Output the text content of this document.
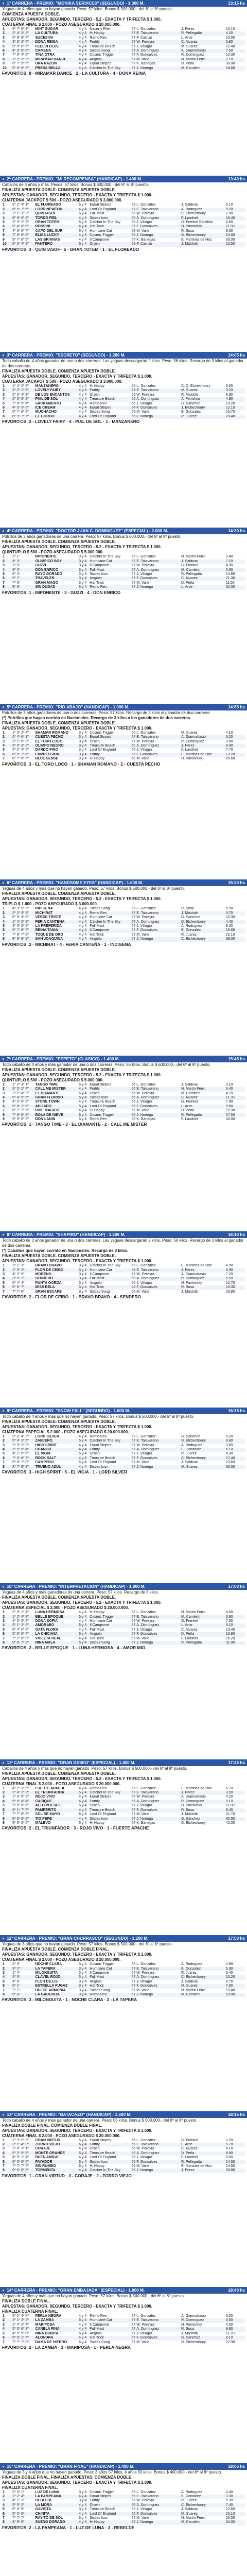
● 1ª CARRERA - PREMIO: "MONIKA SERVICES" (SEGUNDO) - 1.300 M.	13:15 hs

Yeguas de 4 años que no hayan ganado. Peso: 57 kilos. Bonus $ 500.000.- del 6º al 8º puesto.

COMIENZA APUESTA DOBLE.

APUESTAS: GANADOR, SEGUNDO, TERCERO - 5.2 - EXACTA Y TRIFECTA $ 1.000.

CUATERNA FINAL $ 2.000 - POZO ASEGURADO $ 20.000.000.

1	5º 7º 6º 3º	MINT SUGAR	4 y 4	Nacer y Rhe	57	L. Gonzalez	J. Perez	10.10
2	2º 4º 3º 2º	LA CULTURA	4 y 4	Hi Happy	57	E. Talaverano	R. Pellegatta	4.20
3	6º 9º 8º 7º	SUCESIVA	4 y 4	Remo Rex	57	P. Carrizo	L. Arce	15.00
4	3º 5º 2º 4º	DONA REINA	4 y 4	Fortify	57	W. Pereyra	C. Alvarez	6.80
5	9º 8º 0º 5º	FEELIN BLUE	4 y 4	Treasure Beach	57	J. Villagra	M. Suarez	22.40
6	4º 3º 5º 6º	CAMENA	4 y 4	Sixties Song	57	A. Dominguez	A. Giannattasio	7.50
7	7º 6º 4º 8º	TINA OTRA	4 y 4	Cosmic Trigger	57	F. Goncalves	R. Dominguez	12.30
8	1º 2º 3º 2º	MIRAMAR DANCE	4 y 4	Angiolo	57	M. Valle	N. Martin Ferro	2.10
9	8º 7º 9º 6º	UNA RAZON	4 y 4	Equal Stripes	57	K. Banegas	D. Peña	30.00
10	5º 6º 8º 7º	PRESA BELLA	4 y 4	Catcher In The Sky	57	J. Noriega	M. Camiletti	18.60
FAVORITOS: 8 - MIRAMAR DANCE · 2 - LA CULTURA · 4 - DONA REINA
● 2ª CARRERA - PREMIO: "MI RECOMPENSA" (HANDICAP) - 1.400 M.	13:40 hs

Caballos de 4 años y más. Pesos: 57 kilos. Bonus $ 600.000.- del 6º al 8º puesto.

FINALIZA APUESTA DOBLE. COMIENZA APUESTA DOBLE.

APUESTAS: GANADOR, SEGUNDO, TERCERO - EXACTA Y TRIFECTA $ 1.000.

CUATERNA JACKPOT $ 500 - POZO ASEGURADO $ 3.000.000.

1	3º 2º 4º 1º	EL FLOREADO	5 y 4	Equal Stripes	58	L. Gonzalez	J. Saldivia	5.10
2	6º 5º 7º 5º	LORD NEWTON	4 y 4	Lord Of England	57	E. Talaverano	A. Rodriguez	9.20
3	1º 1º 3º 2º	QUINTASOF	5 y 4	Full Mast	58	W. Pereyra	C. Etchechoury	2.80
4	8º 9º 6º 4º	TORDO FIEL	4 y 4	Sixties Icon	56	A. Dominguez	F. Landriel	16.40
5	2º 3º 2º 3º	GRAN TOTEM	6 y 4	Catcher In The Sky	59	J. Villagra	G. Frenkel Santillan	4.60
6	5º 4º 8º 6º	ROSSINI	4 y 4	Hat Trick	57	F. Goncalves	H. Pavlovsky	11.90
7	4º 6º 5º 7º	CAPO DEL SUR	5 y 4	Hurricane Cat	58	M. Valle	R. Sosa	8.30
8	7º 8º 9º 8º	ELIAS LUCKY	4 y 4	Cosmic Trigger	56	J. Noriega	D. Etchechoury	24.00
9	9º 7º 0º 9º	LAS BRIANAS	4 y 4	Il Campione	57	K. Banegas	E. Martinez de Hoz	35.00
10	6º 0º 4º 3º	PANTERO	5 y 4	Orpen	58	P. Carrizo	J. Maldotti	13.50
FAVORITOS: 3 - QUINTASOF · 5 - GRAN TOTEM · 1 - EL FLOREADO
● 3ª CARRERA - PREMIO: "SECRETO" (SEGUNDO) - 1.200 M.	14:05 hs

Todo caballo de 4 años ganador de uno o dos carreras. Las yeguas descargarán 2 kilos. Peso: 56 kilos. Recargo de 3 kilos al ganador de dos carreras.

FINALIZA APUESTA DOBLE. COMIENZA APUESTA DOBLE.

APUESTAS: GANADOR, SEGUNDO, TERCERO - EXACTA Y TRIFECTA $ 1.000.

CUATERNA JACKPOT $ 500 - POZO ASEGURADO $ 3.000.000.

1	1º 4º 2º 3º	MANZANERO	4 y 4	Hi Happy	56	L. Gonzalez	C. D. Etchechoury	6.50
2	3º 2º 1º 5º	LOVELY FAIRY	4 y 4	Fortify	54	E. Talaverano	M. Suarez	3.20
3	5º 6º 4º 1º	DE LOS ENCANTOS	4 y 4	Orpen	59	W. Pereyra	R. Maldotti	8.90
4	2º 3º 5º 2º	PIAL DE SOL	4 y 4	Treasure Beach	56	A. Dominguez	A. Ferrufino	4.80
5	7º 8º 9º 4º	SACRAMENTO	4 y 4	Remo Rex	56	J. Villagra	G. Sanchez	19.20
6	4º 5º 3º 6º	ICE CREAM	4 y 4	Equal Stripes	54	F. Goncalves	J. Etchechoury	12.10
7	6º 7º 8º 8º	MUCHACHO	4 y 4	Sixties Song	59	M. Valle	E. Gonzalez	15.70
8	8º 9º 7º 7º	EL GORDO	4 y 4	Lord Of England	56	J. Noriega	R. Juarez	28.40
FAVORITOS: 2 - LOVELY FAIRY · 4 - PIAL DE SOL · 1 - MANZANERO
● 4ª CARRERA - PREMIO: "DOCTOR JUAN C. DOMINGUEZ" (ESPECIAL) - 2.000 M.	14:30 hs

Potrillos de 3 años ganadores de una carrera. Peso: 57 kilos. Bonus $ 600.000.- del 6º al 8º puesto.

FINALIZA APUESTA DOBLE. COMIENZA APUESTA DOBLE.

APUESTAS: GANADOR, SEGUNDO, TERCERO - 5.2 - EXACTA Y TRIFECTA $ 1.000.

QUINTUPLO $ 500 - POZO ASEGURADO $ 5.000.000.

1	2º 1º	IMPONENTE	3 y 4	Catcher In The Sky	57	L. Gonzalez	N. Martin Ferro	3.40
2	4º 3º	OLIMPICO BOY	3 y 4	Hurricane Cat	57	E. Talaverano	J. Saldivia	7.10
3	1º 5º	GUZZI	3 y 4	Il Campione	57	W. Pereyra	G. Frenkel	4.90
4	3º 2º	DON ENRICO	3 y 4	Full Mast	57	A. Dominguez	M. Camiletti	5.60
5	6º 4º	RAYO DORADO	3 y 4	Sixties Icon	57	J. Villagra	R. Pellegatta	14.80
6	5º 7º	TRAVELER	3 y 4	Angiolo	57	F. Goncalves	C. Alvarez	21.30
7	7º 6º	GRAN MAGO	3 y 4	Hat Trick	57	M. Valle	D. Peña	11.50
8	9º 8º	SIN DUDAS	3 y 4	Remo Rex	57	J. Noriega	L. Arce	32.00
FAVORITOS: 1 - IMPONENTE · 3 - GUZZI · 4 - DON ENRICO
● 5ª CARRERA - PREMIO: "RIO ABAJO" (HANDICAP) - 1.000 M.	14:55 hs

Potrillos de 3 años ganadores de una o dos carreras. Peso: 57 kilos. Recargo de 3 kilos al ganador de dos carreras.

(*) Potrillos que hayan corrido en Nacionales. Recargo de 3 kilos a los ganadores de dos carreras.

FINALIZA APUESTA DOBLE. COMIENZA APUESTA DOBLE.

APUESTAS: GANADOR, SEGUNDO, TERCERO - EXACTA Y TRIFECTA $ 1.000.

1	1º 3º 2º 4º	SHAMAN ROMANO	3 y 4	Cosmic Trigger	60	L. Gonzalez	M. Suarez	4.10
2	2º 4º 6º 1º	CUESTA PECHO	3 y 4	Equal Stripes	57	E. Talaverano	A. Giannattasio	6.20
3	3º 1º 5º 2º	EL TORO LOCO	3 y 4	Orpen	57	W. Pereyra	R. Dominguez	3.80
4	5º 6º 3º 3º	OLIMPO NEGRO	3 y 4	Treasure Beach	60	A. Dominguez	J. Perez	9.40
5	4º 2º 4º 5º	DARDO FINO	3 y 4	Lord Of England	57	J. Villagra	F. Landriel	7.70
6	6º 5º 7º 6º	EMPRESSION	3 y 4	Fortify	57	F. Goncalves	E. Martinez de Hoz	13.20
7	8º 7º 8º 7º	BLUE SENSE	3 y 4	Hi Happy	60	M. Valle	H. Pavlovsky	25.60
FAVORITOS: 3 - EL TORO LOCO · 1 - SHAMAN ROMANO · 2 - CUESTA PECHO
● 6ª CARRERA - PREMIO: "HANDSOME EYES" (HANDICAP) - 1.600 M.	15:20 hs

Yeguas de 4 años y más que no hayan ganado. Peso: 57 kilos. Bonus $ 500.000.- del 6º al 8º puesto.

FINALIZA APUESTA DOBLE. COMIENZA APUESTA DOBLE.

APUESTAS: GANADOR, SEGUNDO, TERCERO - 5.2 - EXACTA Y TRIFECTA $ 1.000.

TRIPLO $ 1.000 - POZO ASEGURADO $ 3.000.000.

1	4º 3º 5º 2º	INDIGENA	4 y 4	Sixties Song	57	L. Gonzalez	R. Sosa	5.90
2	2º 2º 3º 4º	MICHIRAT	4 y 4	Remo Rex	57	E. Talaverano	J. Maldotti	3.70
3	6º 5º 4º 6º	VERDE TRISTE	4 y 4	Hurricane Cat	57	W. Pereyra	G. Sanchez	10.30
4	1º 4º 2º 3º	FERIA CANTEÑA	4 y 4	Catcher In The Sky	57	A. Dominguez	D. Etchechoury	4.40
5	3º 6º 6º 5º	LA PREFERIDA	4 y 4	Full Mast	57	J. Villagra	A. Rodriguez	8.20
6	5º 7º 8º 7º	REINA TANIA	4 y 4	Il Campione	57	F. Goncalves	E. Gonzalez	16.60
7	7º 8º 7º 8º	TOQUE DE ORO	4 y 4	Hat Trick	57	M. Valle	R. Juarez	22.10
8	8º 9º 9º 9º	SAN JOAQUINA	4 y 4	Angiolo	57	J. Noriega	C. Etchechoury	38.00
FAVORITOS: 2 - MICHIRAT · 4 - FERIA CANTEÑA · 1 - INDIGENA
● 7ª CARRERA - PREMIO: "PEPETO" (CLASICO) - 1.400 M.	15:45 hs

Todo caballo de 4 años y más ganador de una o dos carreras. Peso: 56 kilos. Bonus $ 600.000.- del 6º al 8º puesto.

FINALIZA APUESTA DOBLE. COMIENZA APUESTA DOBLE.

APUESTAS: GANADOR, SEGUNDO, TERCERO - 5.2 - EXACTA Y TRIFECTA $ 1.000.

QUINTUPLO $ 500 - POZO ASEGURADO $ 5.000.000.

1	1º 2º 3º 1º	TANGO TIME	5 y 4	Equal Stripes	56	L. Gonzalez	J. Saldivia	3.10
2	3º 5º 2º 4º	CALL ME MISTER	4 y 4	Fortify	56	E. Talaverano	N. Martin Ferro	6.40
3	2º 1º 4º 2º	EL DIAMANTE	6 y 4	Orpen	56	W. Pereyra	M. Camiletti	4.70
4	6º 4º 5º 5º	GRAN FLORIDO	5 y 4	Sixties Icon	56	A. Dominguez	C. Alvarez	11.30
5	4º 3º 6º 3º	STONE TOWN	4 y 4	Treasure Beach	56	J. Villagra	G. Frenkel	7.90
6	5º 6º 1º 6º	AHIJADO	5 y 4	Lord Of England	56	F. Goncalves	L. Arce	9.60
7	8º 7º 7º 7º	PIBE MAGICO	4 y 4	Hi Happy	56	M. Valle	D. Peña	19.90
8	7º 8º 8º 8º	BOLA DE NIEVE	6 y 4	Cosmic Trigger	56	J. Noriega	R. Pellegatta	27.50
9	9º 9º 9º 9º	DON LANIN	5 y 4	Remo Rex	56	K. Banegas	F. Landriel	40.00
FAVORITOS: 1 - TANGO TIME · 3 - EL DIAMANTE · 2 - CALL ME MISTER
● 8ª CARRERA - PREMIO: "SHAPIRO" (HANDICAP) - 1.200 M.	16:10 hs

Todo caballo de 3 años ganador de una o dos carreras. Las yeguas descargarán 2 kilos. Peso: 56 kilos. Recargo de 3 kilos al ganador de dos carreras.

(*) Caballos que hayan corrido en Nacionales. Recargo de 3 kilos.

FINALIZA APUESTA DOBLE. COMIENZA APUESTA DOBLE.

APUESTAS: GANADOR, SEGUNDO, TERCERO - EXACTA Y TRIFECTA $ 1.000.

1	2º 1º 3º	BRAVO BRAVO	3 y 4	Catcher In The Sky	59	L. Gonzalez	E. Martinez de Hoz	4.90
2	1º 3º 2º	FLOR DE CEIBO	3 y 4	Hurricane Cat	54	E. Talaverano	J. Perez	3.30
3	4º 2º 5º	MORENO	3 y 4	Il Campione	56	W. Pereyra	A. Giannattasio	7.20
4	3º 5º 1º	SENDERO	3 y 4	Full Mast	59	A. Dominguez	R. Dominguez	5.50
5	6º 4º 4º	PUNTA GORDA	3 y 4	Angiolo	56	J. Villagra	H. Pavlovsky	12.70
6	5º 6º 7º	MISS BELA	3 y 4	Hat Trick	54	F. Goncalves	R. Sosa	16.30
7	7º 7º 6º	GRAN ESCAPE	3 y 4	Sixties Song	56	M. Valle	J. Maldotti	23.80
FAVORITOS: 2 - FLOR DE CEIBO · 1 - BRAVO BRAVO · 4 - SENDERO
● 9ª CARRERA - PREMIO: "SNOW FALL" (SEGUNDO) - 1.600 M.	16:35 hs

Todo caballo de 4 años y más que no hayan ganado. Peso: 57 kilos. Bonus $ 500.000.- del 6º al 8º puesto.

FINALIZA APUESTA DOBLE. COMIENZA APUESTA DOBLE.

APUESTAS: GANADOR, SEGUNDO, TERCERO - EXACTA Y TRIFECTA $ 1.000.

CUATERNA ESPECIAL $ 2.000 - POZO ASEGURADO $ 20.000.000.

1	3º 2º 4º 2º	LORD SILVER	4 y 4	Remo Rex	57	L. Gonzalez	G. Sanchez	5.20
2	5º 4º 3º 5º	ZANJERO	5 y 4	Catcher In The Sky	57	E. Talaverano	D. Etchechoury	8.80
3	2º 3º 2º 3º	HIGH SPIRIT	4 y 4	Equal Stripes	57	W. Pereyra	A. Rodriguez	3.60
4	1º 5º 6º 4º	CHANGO	4 y 4	Fortify	57	A. Dominguez	E. Gonzalez	6.10
5	4º 1º 5º 6º	EL VIGIA	5 y 4	Orpen	57	J. Villagra	R. Juarez	4.30
6	7º 6º 8º 7º	ROCK SALT	4 y 4	Treasure Beach	57	F. Goncalves	C. Etchechoury	17.40
7	6º 8º 7º 8º	CAMPERO	6 y 4	Lord Of England	57	M. Valle	J. Saldivia	20.60
8	8º 7º 9º 9º	TRUENO AZUL	4 y 4	Sixties Icon	57	J. Noriega	M. Suarez	33.00
FAVORITOS: 3 - HIGH SPIRIT · 5 - EL VIGIA · 1 - LORD SILVER
● 10ª CARRERA - PREMIO: "INTERPRETACION" (HANDICAP) - 1.000 M.	17:00 hs

Yeguas de 4 años y más ganadoras de una carrera. Peso: 57 kilos. Recargo de 3 kilos.

FINALIZA APUESTA DOBLE. COMIENZA APUESTA DOBLE.

APUESTAS: GANADOR, SEGUNDO, TERCERO - 5.2 - EXACTA Y TRIFECTA $ 1.000.

CUATERNA ESPECIAL $ 2.000 - POZO ASEGURADO $ 20.000.000.

1	2º 3º 1º 4º	LUNA HERMOSA	4 y 4	Hi Happy	57	L. Gonzalez	N. Martin Ferro	4.60
2	1º 2º 4º 3º	BELLE EPOQUE	5 y 4	Cosmic Trigger	57	E. Talaverano	M. Camiletti	3.90
3	4º 5º 3º 2º	DOÑA SOFIA	4 y 4	Hurricane Cat	57	W. Pereyra	G. Frenkel	7.30
4	3º 1º 2º 5º	AMOR MIO	6 y 4	Il Campione	57	A. Dominguez	L. Arce	5.10
5	6º 4º 5º 6º	GATA FLORA	4 y 4	Full Mast	57	J. Villagra	C. Alvarez	13.40
6	5º 6º 6º 7º	LA CHICANA	5 y 4	Angiolo	57	F. Goncalves	D. Peña	15.90
7	7º 7º 8º 8º	VIOLETA REAL	4 y 4	Hat Trick	57	M. Valle	F. Landriel	26.20
8	8º 8º 7º 9º	NIÑA MALA	5 y 4	Sixties Song	57	J. Noriega	R. Pellegatta	31.00
FAVORITOS: 2 - BELLE EPOQUE · 1 - LUNA HERMOSA · 4 - AMOR MIO
● 11ª CARRERA - PREMIO: "GRAN DESEO" (ESPECIAL) - 1.400 M.	17:25 hs

Caballos de 4 años y más que no hayan ganado. Peso: 57 kilos. Bonus $ 500.000.- del 6º al 8º puesto.

FINALIZA APUESTA DOBLE. COMIENZA APUESTA DOBLE.

APUESTAS: GANADOR, SEGUNDO, TERCERO - 5.2 - EXACTA Y TRIFECTA $ 1.000.

CUATERNA FINAL $ 2.000 - POZO ASEGURADO $ 20.000.000.

1	4º 2º 3º 5º	FUERTE APACHE	4 y 4	Remo Rex	57	L. Gonzalez	E. Martinez de Hoz	6.70
2	2º 4º 2º 2º	EL TRIUNFADOR	5 y 4	Catcher In The Sky	57	E. Talaverano	J. Perez	3.50
3	1º 3º 5º 3º	ROJO VIVO	4 y 4	Equal Stripes	57	W. Pereyra	A. Giannattasio	4.20
4	5º 5º 4º 4º	CACIQUE	4 y 4	Fortify	57	A. Dominguez	R. Dominguez	9.10
5	3º 6º 6º 6º	ALTO VOLTAJE	5 y 4	Orpen	57	J. Villagra	H. Pavlovsky	11.80
6	6º 1º 7º 7º	PAMPERITO	4 y 4	Treasure Beach	57	F. Goncalves	R. Sosa	8.40
7	7º 7º 8º 8º	SOL DE MAYO	6 y 4	Lord Of England	57	M. Valle	J. Maldotti	21.70
8	8º 8º 9º 9º	TIO PEPE	4 y 4	Sixties Icon	57	J. Noriega	G. Sanchez	35.50
9	9º 9º 0º 0º	MALEVO	5 y 4	Hi Happy	57	K. Banegas	D. Etchechoury	42.00
FAVORITOS: 2 - EL TRIUNFADOR · 3 - ROJO VIVO · 1 - FUERTE APACHE
● 12ª CARRERA - PREMIO: "GRAN CHURRASCO" (SEGUNDO) - 1.200 M.	17:50 hs

Yeguas de 3 años que no hayan ganado. Peso: 57 kilos. Bonus $ 500.000.- del 6º al 8º puesto.

FINALIZA APUESTA DOBLE. COMIENZA DOBLE FINAL.

APUESTAS: GANADOR, SEGUNDO, TERCERO - EXACTA Y TRIFECTA $ 1.000.

CUATERNA FINAL $ 2.000 - POZO ASEGURADO $ 20.000.000.

1	2º 3º	NOCHE CLARA	3 y 4	Cosmic Trigger	57	L. Gonzalez	A. Rodriguez	4.80
2	3º 2º	LA TAPERA	3 y 4	Hurricane Cat	57	E. Talaverano	E. Gonzalez	5.30
3	1º 4º	MILONGUITA	3 y 4	Il Campione	57	W. Pereyra	R. Juarez	3.40
4	5º 5º	CLAVEL ROJO	3 y 4	Full Mast	57	A. Dominguez	C. Etchechoury	10.20
5	4º 6º	FLOR DE LIS	3 y 4	Angiolo	57	J. Villagra	J. Saldivia	8.70
6	6º 1º	ESTRELLA FUGAZ	3 y 4	Hat Trick	57	F. Goncalves	M. Suarez	7.60
7	7º 7º	DULCE ARMONIA	3 y 4	Sixties Song	57	M. Valle	N. Martin Ferro	19.40
8	8º 8º	LA GAUCHITA	3 y 4	Remo Rex	57	J. Noriega	M. Camiletti	29.00
FAVORITOS: 3 - MILONGUITA · 1 - NOCHE CLARA · 2 - LA TAPERA
● 13ª CARRERA - PREMIO: "BATACAZO" (HANDICAP) - 1.600 M.	18:15 hs

Todo caballo de 4 años y más ganador de una carrera. Peso: 56 kilos. Bonus $ 600.000.- del 6º al 8º puesto.

FINALIZA DOBLE FINAL. COMIENZA DOBLE FINAL.

APUESTAS: GANADOR, SEGUNDO, TERCERO - EXACTA Y TRIFECTA $ 1.000.

CUATERNA FINAL $ 2.000 - POZO ASEGURADO $ 20.000.000.

1	1º 3º 2º 2º	GRAN VIRTUD	5 y 4	Equal Stripes	56	L. Gonzalez	G. Frenkel	3.20
2	3º 1º 4º 3º	ZORRO VIEJO	6 y 4	Fortify	56	E. Talaverano	L. Arce	5.70
3	2º 4º 3º 1º	CORAJE	4 y 4	Orpen	56	W. Pereyra	C. Alvarez	4.10
4	5º 2º 5º 5º	MONTE GRANDE	5 y 4	Treasure Beach	56	A. Dominguez	D. Peña	8.90
5	4º 6º 1º 4º	BUEN AMIGO	4 y 4	Lord Of England	56	J. Villagra	F. Landriel	6.60
6	6º 5º 6º 6º	PAYADOR	5 y 4	Sixties Icon	56	F. Goncalves	R. Pellegatta	14.30
7	7º 7º 7º 7º	SIN RUMBO	6 y 4	Hi Happy	56	M. Valle	E. Martinez de Hoz	24.50
8	8º 8º 8º 8º	TORMENTA	4 y 4	Catcher In The Sky	56	J. Noriega	J. Perez	30.80
FAVORITOS: 1 - GRAN VIRTUD · 3 - CORAJE · 2 - ZORRO VIEJO
● 14ª CARRERA - PREMIO: "GRAN EMBAJADA" (ESPECIAL) - 1.000 M.	18:40 hs

Yeguas de 4 años y más que no hayan ganado. Peso: 57 kilos. Bonus $ 500.000.- del 6º al 8º puesto.

FINALIZA DOBLE FINAL.

APUESTAS: GANADOR, SEGUNDO, TERCERO - EXACTA Y TRIFECTA $ 1.000.

FINALIZA CUATERNA FINAL.

1	3º 2º 4º 5º	PERLA NEGRA	4 y 4	Remo Rex	57	L. Gonzalez	A. Giannattasio	6.30
2	2º 1º 3º 2º	LA ZAMBA	5 y 4	Hurricane Cat	57	E. Talaverano	R. Dominguez	3.60
3	1º 4º 2º 4º	MARIPOSA	4 y 4	Il Campione	57	W. Pereyra	H. Pavlovsky	4.50
4	5º 3º 6º 3º	CANELA FINA	4 y 4	Full Mast	57	A. Dominguez	R. Sosa	9.80
5	4º 5º 5º 6º	NIÑA BONITA	5 y 4	Angiolo	57	J. Villagra	J. Maldotti	11.20
6	6º 6º 1º 7º	ALONDRA	4 y 4	Hat Trick	57	F. Goncalves	G. Sanchez	8.10
7	7º 7º 7º 8º	DAMA DE HIERRO	6 y 4	Sixties Song	57	M. Valle	D. Etchechoury	22.90
FAVORITOS: 2 - LA ZAMBA · 3 - MARIPOSA · 1 - PERLA NEGRA
● 15ª CARRERA - PREMIO: "GRAN FINAL" (HANDICAP) - 1.400 M.	19:05 hs

Yeguas de 3 y 4 años que no hayan ganado. Peso: 3 años 57 kilos, 4 años 55 kilos. Bonus $ 400.000.- del 6º al 8º puesto.

FINALIZA DOBLE FINAL. FINALIZA APUESTAS. COMIENZA DOBLE.

APUESTAS: GANADOR, SEGUNDO, TERCERO - EXACTA Y TRIFECTA $ 1.000.

FINALIZA CUATERNA FINAL.

1	2º 3º 1º	LUZ DE LUNA	3 y 4	Cosmic Trigger	57	L. Gonzalez	A. Rodriguez	4.40
2	1º 2º 4º	LA PAMPEANA	4 y 4	Equal Stripes	55	E. Talaverano	E. Gonzalez	3.30
3	4º 1º 3º	REBELDE	3 y 4	Fortify	57	W. Pereyra	R. Juarez	5.90
4	3º 5º 2º	LA MORA	4 y 4	Orpen	55	A. Dominguez	C. Etchechoury	7.40
5	6º 4º 5º	GAVIOTA	3 y 4	Treasure Beach	57	J. Villagra	J. Saldivia	12.60
6	5º 6º 6º	CHINITA	4 y 4	Lord Of England	55	F. Goncalves	M. Suarez	15.10
7	7º 7º 7º	RAYITO DE SOL	3 y 4	Sixties Icon	57	M. Valle	N. Martin Ferro	20.30
8	8º 8º 8º	SUEÑO DORADO	4 y 4	Hi Happy	55	J. Noriega	M. Camiletti	34.00
FAVORITOS: 2 - LA PAMPEANA · 1 - LUZ DE LUNA · 3 - REBELDE
